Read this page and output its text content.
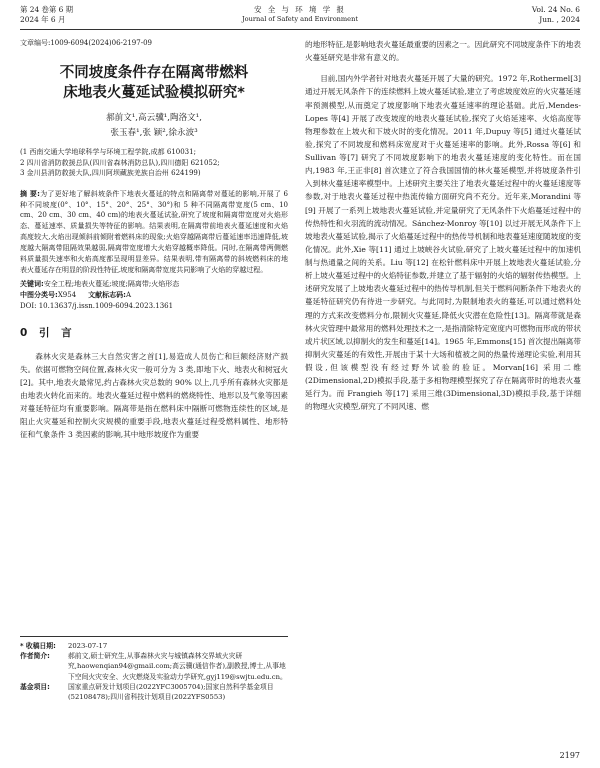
第 24 卷第 6 期
2024 年 6 月
安 全 与 环 境 学 报
Journal of Safety and Environment
Vol. 24 No. 6
Jun. , 2024
文章编号:1009-6094(2024)06-2197-09
不同坡度条件存在隔离带燃料
床地表火蔓延试验模拟研究*
郝前文¹,高云骥¹,陶洛文¹,
张玉春¹,张 颖²,徐永波³
(1 西南交通大学地球科学与环境工程学院,成都 610031;
2 四川省消防救援总队(四川省森林消防总队),四川德阳 621052;
3 金川县消防救援大队,四川阿坝藏族羌族自治州 624199)
摘 要:为了更好地了解斜坡条件下地表火蔓延的特点和隔离带对蔓延的影响,开展了 6 种不同坡度(0°、10°、15°、20°、25°、30°)和 5 种不同隔离带宽度(5 cm、10 cm、20 cm、30 cm、40 cm)的地表火蔓延试验,研究了坡度和隔离带宽度对火焰形态、蔓延速率、质量损失等特征的影响。结果表明,在隔离带前地表火蔓延速度和火焰高度较大,火焰出现倾斜前倾附着燃料床的现象;火焰穿越隔离带后蔓延速率迅速降低,坡度越大隔离带阻隔效果越弱,隔离带宽度增大火焰穿越概率降低。同时,在隔离带两侧燃料质量损失速率和火焰高度都呈现明显差异。结果表明,带有隔离带的斜坡燃料床的地表火蔓延存在明显的阶段性特征,坡度和隔离带宽度共同影响了火焰的穿越过程。
关键词:安全工程;地表火蔓延;坡度;隔离带;火焰形态
中图分类号:X954 文献标志码:A
DOI: 10.13637/j.issn.1009-6094.2023.1361
0 引 言
森林火灾是森林三大自然灾害之首[1],易造成人员伤亡和巨额经济财产损失。依据可燃物空间位置,森林火灾一般可分为 3 类,即地下火、地表火和树冠火[2]。其中,地表火最常见,约占森林火灾总数的 90% 以上,几乎所有森林火灾都是由地表火转化而来的。地表火蔓延过程中燃料的燃烧特性、地形以及气象等因素对蔓延特征均有重要影响。隔离带是指在燃料床中隔断可燃物连续性的区域,是阻止火灾蔓延和控制火灾规模的重要手段,地表火蔓延过程受燃料属性、地形特征和气象条件 3 类因素的影响,其中地形坡度作为重要
* 收稿日期:	2023-07-17
作者简介:	郝前文,硕士研究生,从事森林火灾与城镇森林交界域火灾研究,haowenqian94@gmail.com;高云骥(通信作者),副教授,博士,从事地下空间火灾安全、火灾燃烧及实验动力学研究,gyj119@swjtu.edu.cn。
基金项目:	国家重点研发计划项目(2022YFC3005704);国家自然科学基金项目(52108478);四川省科技计划项目(2022YFS0553)
的地形特征,是影响地表火蔓延最重要的因素之一。因此研究不同坡度条件下的地表火蔓延研究是非常有意义的。
目前,国内外学者针对地表火蔓延开展了大量的研究。1972 年,Rothermel[3] 通过开展无风条件下的连续燃料上坡火蔓延试验,建立了考虑坡度效应的火灾蔓延速率预测模型,从而奠定了坡度影响下地表火蔓延速率的理论基础。此后,Mendes-Lopes 等[4] 开展了改变坡度的地表火蔓延试验,探究了火焰延速率、火焰高度等物理参数在上坡火和下坡火时的变化情况。2011 年,Dupuy 等[5] 通过火蔓延试验,探究了不同坡度和燃料床宽度对于火蔓延速率的影响。此外,Rossa 等[6] 和 Sullivan 等[7] 研究了不同坡度影响下的地表火蔓延速度的变化特性。而在国内,1983 年,王正非[8] 首次建立了符合我国国情的林火蔓延模型,并将坡度条件引入到林火蔓延速率模型中。上述研究主要关注了地表火蔓延过程中的火蔓延速度等参数,对于地表火蔓延过程中热流传输方面研究尚不充分。近年来,Morandini 等[9] 开展了一系列上坡地表火蔓延试验,并定量研究了无风条件下火焰蔓延过程中的传热特性和火羽流的流动情况。Sánchez-Monroy 等[10] 以过开展无风条件下上坡地表火蔓延试验,揭示了火焰蔓延过程中的热传导机制和地表蔓延速度随坡度的变化情况。此外,Xie 等[11] 通过上坡峡谷火试验,研究了上坡火蔓延过程中的加速机制与热通量之间的关系。Liu 等[12] 在松针燃料床中开展上坡地表火蔓延试验,分析上坡火蔓延过程中的火焰特征参数,并建立了基于辐射的火焰的辐射传热模型。上述研究发展了上坡地表火蔓延过程中的热传导机制,但关于燃料间断条件下地表火的蔓延特征研究仍有待进一步研究。与此同时,为限制地表火的蔓延,可以通过燃料处理的方式来改变燃料分布,限制火灾蔓延,降低火灾潜在危险性[13]。隔离带就是森林火灾管理中最常用的燃料处理技术之一,是指清除特定宽度内可燃物而形成的带状或片状区域,以抑制火的发生和蔓延[14]。1965 年,Emmons[15] 首次提出隔离带抑制火灾蔓延的有效性,开展由于某十大场和植被之间的热量传递理论实验,利用其假设,但该模型没有经过野外试验的验证。Morvan[16] 采用二维(2Dimensional,2D)模拟手段,基于多相物理模型探究了存在隔离带时的地表火蔓延行为。而 Frangieh 等[17] 采用三维(3Dimensional,3D)模拟手段,基于详细的物理火灾模型,研究了不同风速、燃
2197
